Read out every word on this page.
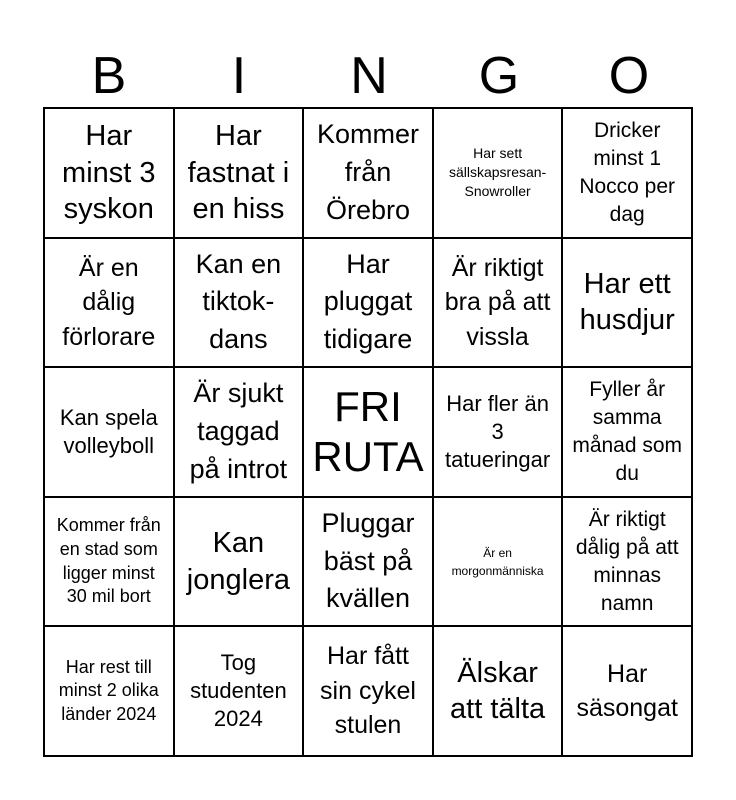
B	I	N	G	O
Har minst 3 syskon
Har fastnat i en hiss
Kommer från Örebro
Har sett sällskapsresan- Snowroller
Dricker minst 1 Nocco per dag
Är en dålig förlorare
Kan en tiktok- dans
Har pluggat tidigare
Är riktigt bra på att vissla
Har ett husdjur
Kan spela volleyboll
Är sjukt taggad på introt
FRI RUTA
Har fler än 3 tatueringar
Fyller år samma månad som du
Kommer från en stad som ligger minst 30 mil bort
Kan jonglera
Pluggar bäst på kvällen
Är en morgonmänniska
Är riktigt dålig på att minnas namn
Har rest till minst 2 olika länder 2024
Tog studenten 2024
Har fått sin cykel stulen
Älskar att tälta
Har säsongat
